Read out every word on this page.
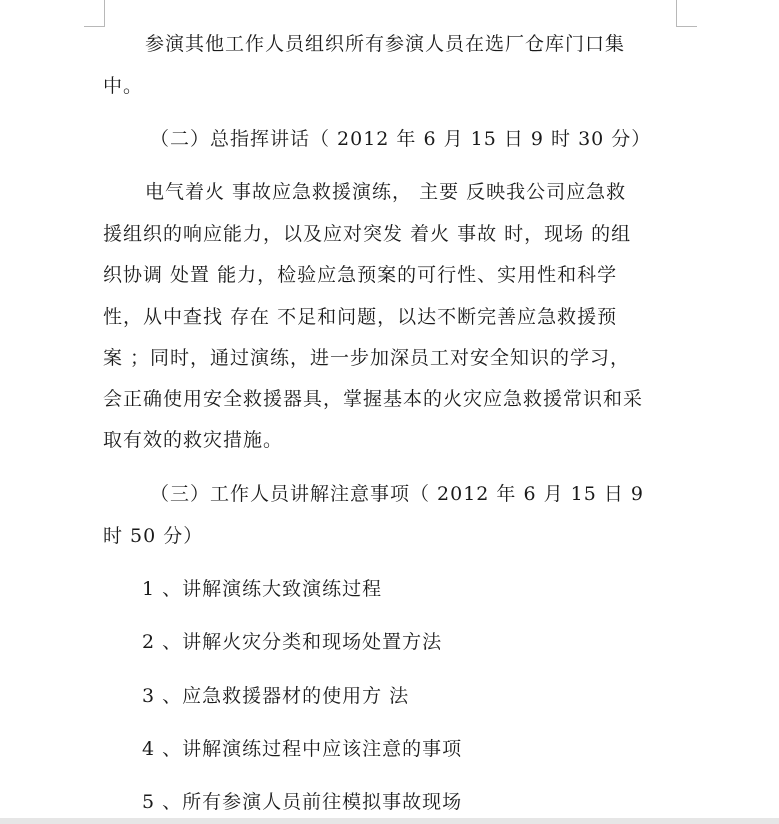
参演其他工作人员组织所有参演人员在选厂仓库门口集
中。
（二）总指挥讲话（ 2012 年 6 月 15 日 9 时 30 分）
电气着火 事故应急救援演练， 主要 反映我公司应急救
援组织的响应能力，以及应对突发 着火 事故 时，现场 的组
织协调 处置 能力，检验应急预案的可行性、实用性和科学
性，从中查找 存在 不足和问题，以达不断完善应急救援预
案 ；同时，通过演练，进一步加深员工对安全知识的学习，
会正确使用安全救援器具，掌握基本的火灾应急救援常识和采
取有效的救灾措施。
（三）工作人员讲解注意事项（ 2012 年 6 月 15 日 9
时 50 分）
1 、讲解演练大致演练过程
2 、讲解火灾分类和现场处置方法
3 、应急救援器材的使用方 法
4 、讲解演练过程中应该注意的事项
5 、所有参演人员前往模拟事故现场
